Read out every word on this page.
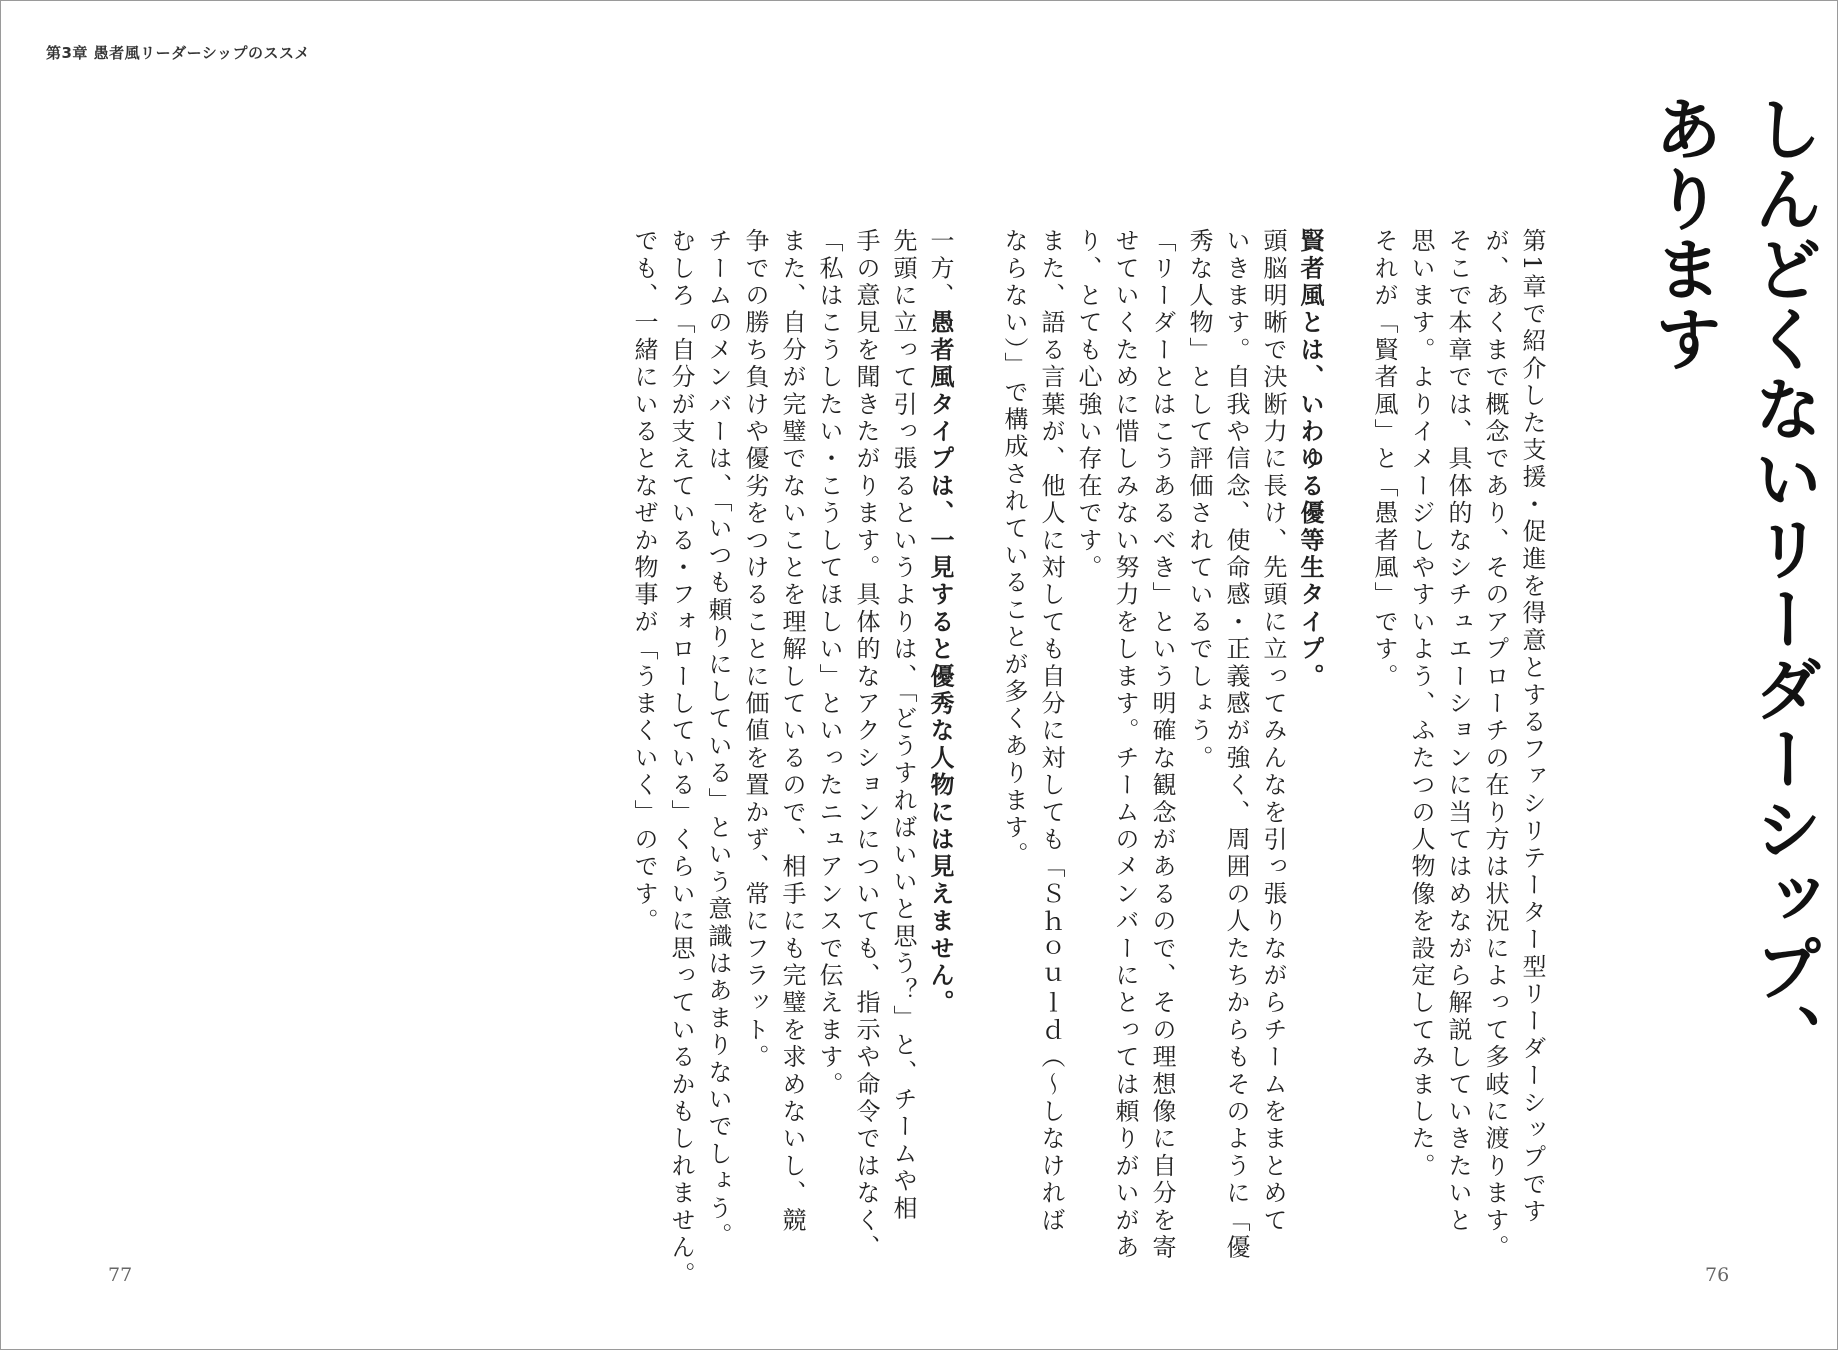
第3章 愚者風リーダーシップのススメ
しんどくないリーダーシップ、
あります

第1章で紹介した支援・促進を得意とするファシリテーター型リーダーシップです

が、あくまで概念であり、そのアプローチの在り方は状況によって多岐に渡ります。

そこで本章では、具体的なシチュエーションに当てはめながら解説していきたいと

思います。よりイメージしやすいよう、ふたつの人物像を設定してみました。

それが「賢者風」と「愚者風」です。

賢者風とは、いわゆる優等生タイプ。

頭脳明晰で決断力に長け、先頭に立ってみんなを引っ張りながらチームをまとめて

いきます。自我や信念、使命感・正義感が強く、周囲の人たちからもそのように「優

秀な人物」として評価されているでしょう。

「リーダーとはこうあるべき」という明確な観念があるので、その理想像に自分を寄

せていくために惜しみない努力をします。チームのメンバーにとっては頼りがいがあ

り、とても心強い存在です。

また、語る言葉が、他人に対しても自分に対しても「Ｓｈｏｕｌｄ（～しなければ

ならない）」で構成されていることが多くあります。

一方、愚者風タイプは、一見すると優秀な人物には見えません。

先頭に立って引っ張るというよりは、「どうすればいいと思う？」と、チームや相

手の意見を聞きたがります。具体的なアクションについても、指示や命令ではなく、

「私はこうしたい・こうしてほしい」といったニュアンスで伝えます。

また、自分が完璧でないことを理解しているので、相手にも完璧を求めないし、競

争での勝ち負けや優劣をつけることに価値を置かず、常にフラット。

チームのメンバーは、「いつも頼りにしている」という意識はあまりないでしょう。

むしろ「自分が支えている・フォローしている」くらいに思っているかもしれません。

でも、一緒にいるとなぜか物事が「うまくいく」のです。

77	76
